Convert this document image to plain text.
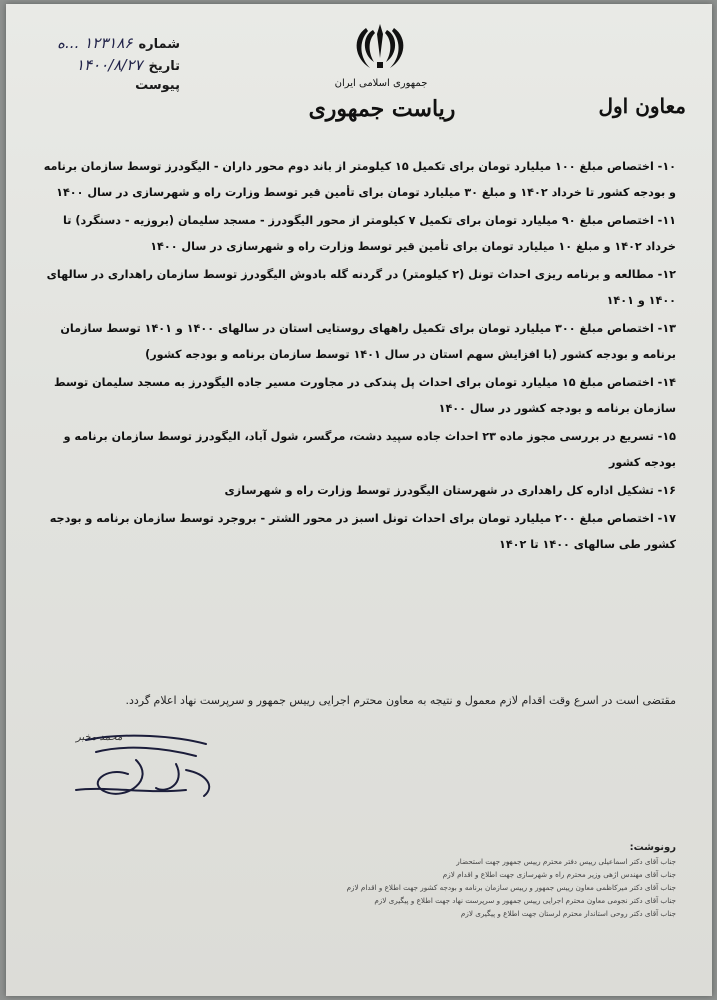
شماره
۱۲۳۱۸۶ ...ه
تاریخ
۱۴۰۰/۸/۲۷
پیوست	جمهوری اسلامی ایران
ریاست جمهوری	معاون اول

۱۰- اختصاص مبلغ ۱۰۰ میلیارد تومان برای تکمیل ۱۵ کیلومتر از باند دوم محور داران - الیگودرز توسط سازمان برنامه و بودجه کشور تا خرداد ۱۴۰۲ و مبلغ ۳۰ میلیارد تومان برای تأمین قیر توسط وزارت راه و شهرسازی در سال ۱۴۰۰

۱۱- اختصاص مبلغ ۹۰ میلیارد تومان برای تکمیل ۷ کیلومتر از محور الیگودرز - مسجد سلیمان (بروزیه - دسنگرد) تا خرداد ۱۴۰۲ و مبلغ ۱۰ میلیارد تومان برای تأمین قیر توسط وزارت راه و شهرسازی در سال ۱۴۰۰

۱۲- مطالعه و برنامه ریزی احداث تونل (۲ کیلومتر) در گردنه گله بادوش الیگودرز توسط سازمان راهداری در سالهای ۱۴۰۰ و ۱۴۰۱

۱۳- اختصاص مبلغ ۳۰۰ میلیارد تومان برای تکمیل راههای روستایی استان در سالهای ۱۴۰۰ و ۱۴۰۱ توسط سازمان برنامه و بودجه کشور (با افزایش سهم استان در سال ۱۴۰۱ توسط سازمان برنامه و بودجه کشور)

۱۴- اختصاص مبلغ ۱۵ میلیارد تومان برای احداث پل پندکی در مجاورت مسیر جاده الیگودرز به مسجد سلیمان توسط سازمان برنامه و بودجه کشور در سال ۱۴۰۰

۱۵- تسریع در بررسی مجوز ماده ۲۳ احداث جاده سپید دشت، مرگسر، شول آباد، الیگودرز توسط سازمان برنامه و بودجه کشور

۱۶- تشکیل اداره کل راهداری در شهرستان الیگودرز توسط وزارت راه و شهرسازی

۱۷- اختصاص مبلغ ۲۰۰ میلیارد تومان برای احداث تونل اسبز در محور الشتر - بروجرد توسط سازمان برنامه و بودجه کشور طی سالهای ۱۴۰۰ تا ۱۴۰۲

مقتضی است در اسرع وقت اقدام لازم معمول و نتیجه به معاون محترم اجرایی رییس جمهور و سرپرست نهاد اعلام گردد.
محمد مخبر
رونوشت:
جناب آقای دکتر اسماعیلی رییس دفتر محترم رییس جمهور جهت استحضار
جناب آقای مهندس اژهی وزیر محترم راه و شهرسازی جهت اطلاع و اقدام لازم
جناب آقای دکتر میرکاظمی معاون رییس جمهور و رییس سازمان برنامه و بودجه کشور جهت اطلاع و اقدام لازم
جناب آقای دکتر نجومی معاون محترم اجرایی رییس جمهور و سرپرست نهاد جهت اطلاع و پیگیری لازم
جناب آقای دکتر روحی استاندار محترم لرستان جهت اطلاع و پیگیری لازم
